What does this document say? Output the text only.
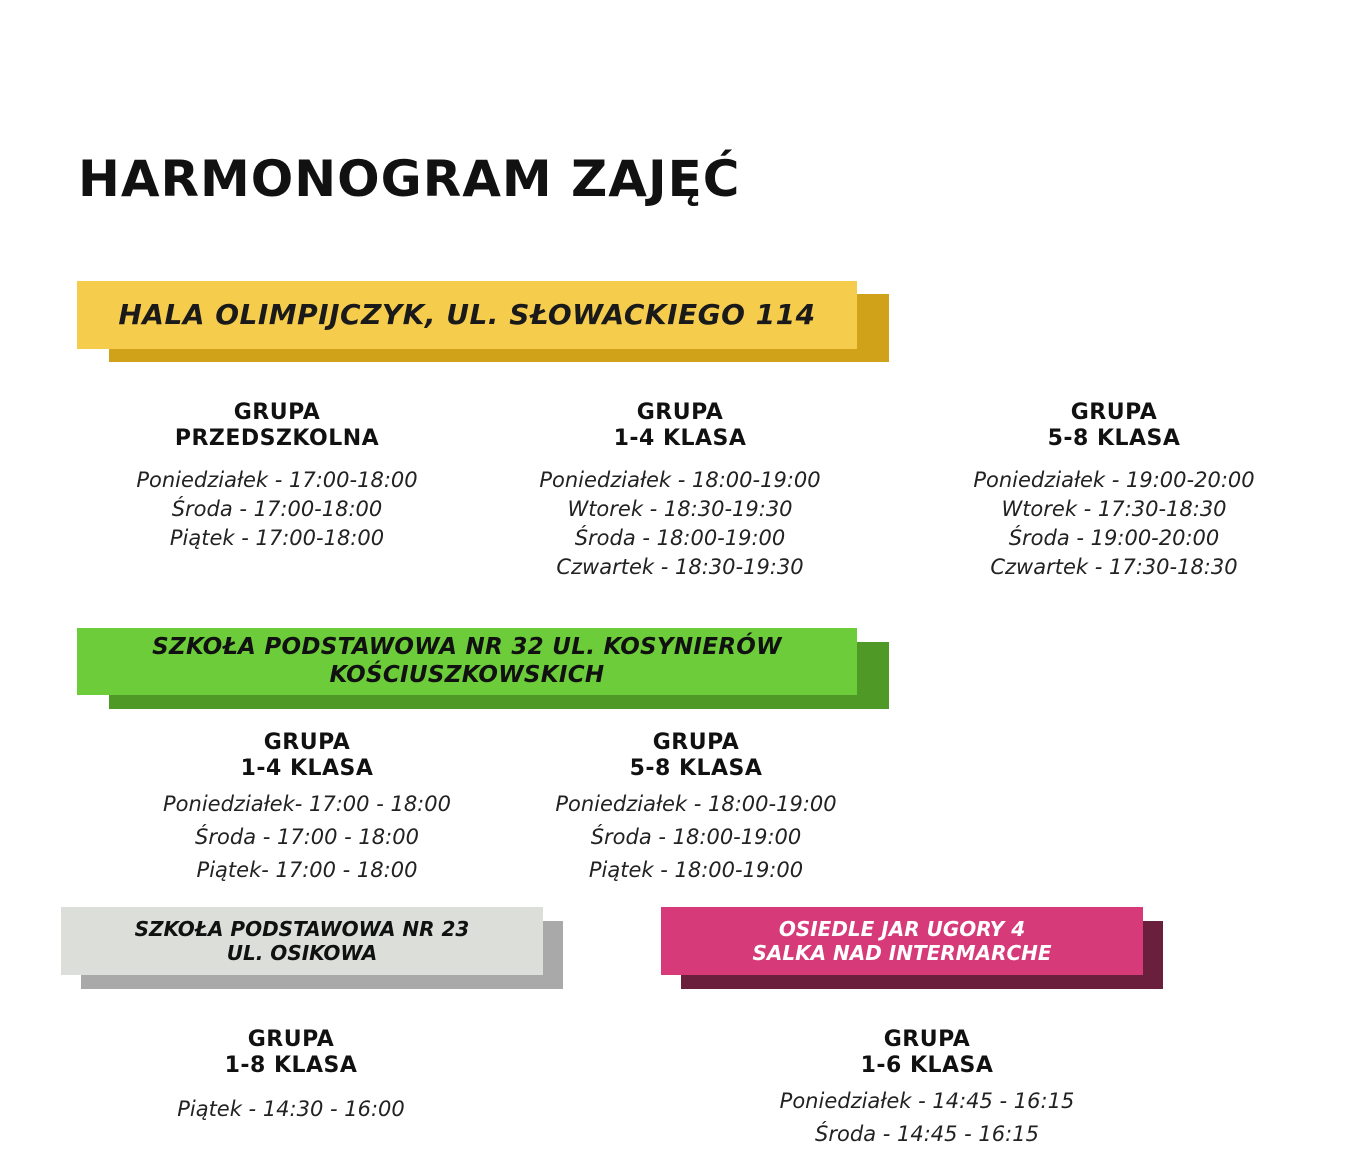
HARMONOGRAM ZAJĘĆ
HALA OLIMPIJCZYK, UL. SŁOWACKIEGO 114
GRUPA
PRZEDSZKOLNA
Poniedziałek - 17:00-18:00
Środa - 17:00-18:00
Piątek - 17:00-18:00
GRUPA
1-4 KLASA
Poniedziałek - 18:00-19:00
Wtorek - 18:30-19:30
Środa - 18:00-19:00
Czwartek - 18:30-19:30
GRUPA
5-8 KLASA
Poniedziałek - 19:00-20:00
Wtorek - 17:30-18:30
Środa - 19:00-20:00
Czwartek - 17:30-18:30
SZKOŁA PODSTAWOWA NR 32 UL. KOSYNIERÓW
KOŚCIUSZKOWSKICH
GRUPA
1-4 KLASA
Poniedziałek- 17:00 - 18:00
Środa - 17:00 - 18:00
Piątek- 17:00 - 18:00
GRUPA
5-8 KLASA
Poniedziałek - 18:00-19:00
Środa - 18:00-19:00
Piątek - 18:00-19:00
SZKOŁA PODSTAWOWA NR 23
UL. OSIKOWA
OSIEDLE JAR UGORY 4
SALKA NAD INTERMARCHE
GRUPA
1-8 KLASA
Piątek - 14:30 - 16:00
GRUPA
1-6 KLASA
Poniedziałek - 14:45 - 16:15
Środa - 14:45 - 16:15
